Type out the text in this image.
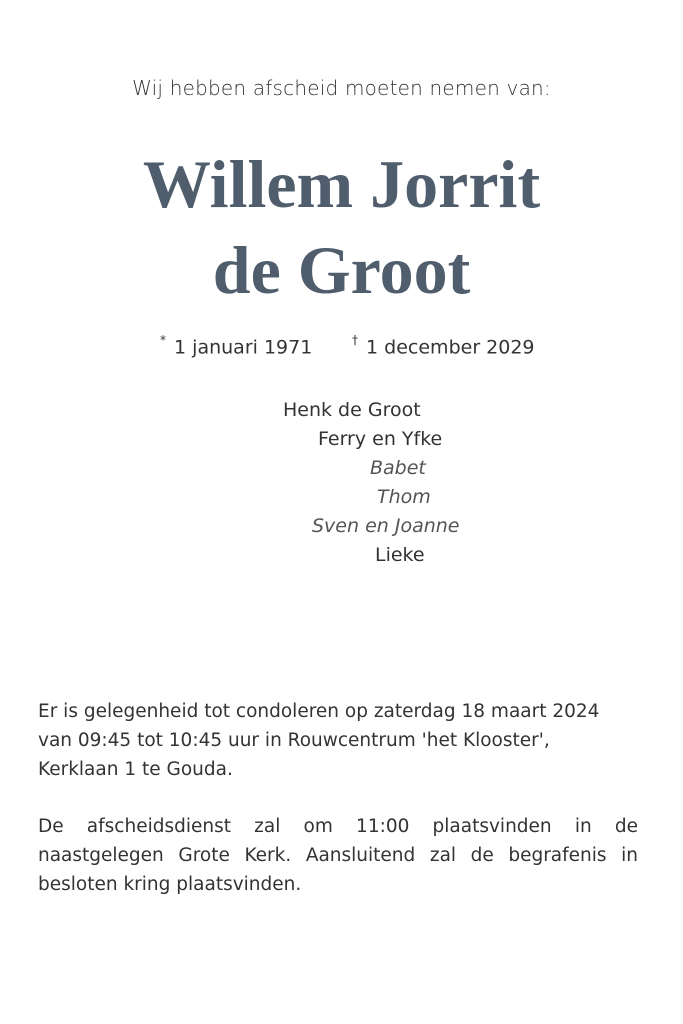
Wij hebben afscheid moeten nemen van:
Willem Jorrit
de Groot
* 1 januari 1971	† 1 december 2029
Henk de Groot
Ferry en Yfke
Babet
Thom
Sven en Joanne
Lieke
Er is gelegenheid tot condoleren op zaterdag 18 maart 2024 van 09:45 tot 10:45 uur in Rouwcentrum 'het Klooster', Kerklaan 1 te Gouda.
De afscheidsdienst zal om 11:00 plaatsvinden in de naastgelegen Grote Kerk. Aansluitend zal de begrafenis in besloten kring plaatsvinden.
